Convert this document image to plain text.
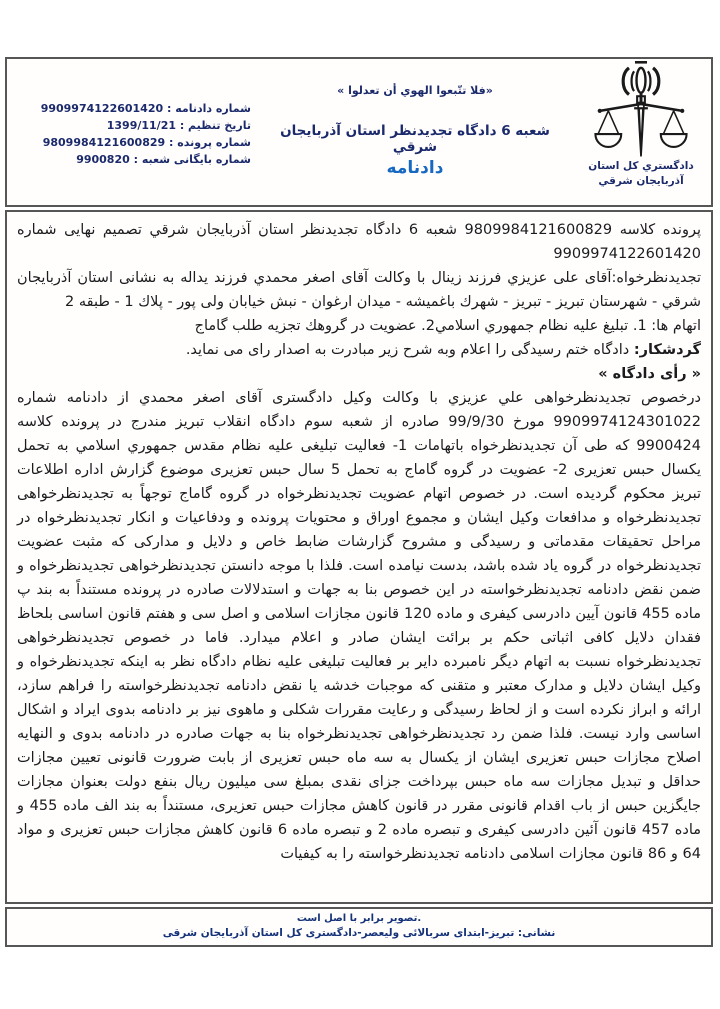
دادگستري کل استان آذربایجان شرقي
«فلا تتّبعوا الهوي أن تعدلوا »
شعبه 6 دادگاه تجدیدنظر استان آذربایجان شرقي
دادنامه
شماره دادنامه : 9909974122601420
تاریخ تنظیم : 1399/11/21
شماره پرونده : 9809984121600829
شماره بایگانی شعبه : 9900820

پرونده کلاسه 9809984121600829 شعبه 6 دادگاه تجدیدنظر استان آذربایجان شرقي تصمیم نهایی شماره 9909974122601420

تجدیدنظرخواه:آقای علی عزیزي فرزند زینال با وکالت آقای اصغر محمدي فرزند یداله به نشانی استان آذربایجان شرقي - شهرستان تبریز - تبریز - شهرك باغمیشه - میدان ارغوان - نبش خیابان ولی پور - پلاك 1 - طبقه 2

اتهام ها: 1. تبلیغ علیه نظام جمهوري اسلامي2. عضویت در گروهك تجزیه طلب گاماج

گردشکار: دادگاه ختم رسیدگی را اعلام وبه شرح زیر مبادرت به اصدار رای می نماید.

« رأی دادگاه »

درخصوص تجدیدنظرخواهی علي عزیزي با وکالت وکیل دادگستری آقای اصغر محمدي از دادنامه شماره 9909974124301022 مورخ 99/9/30 صادره از شعبه سوم دادگاه انقلاب تبریز مندرج در پرونده کلاسه 9900424 که طی آن تجدیدنظرخواه باتهامات 1- فعالیت تبلیغی علیه نظام مقدس جمهوري اسلامي به تحمل یکسال حبس تعزیری 2- عضویت در گروه گاماج به تحمل 5 سال حبس تعزیری موضوع گزارش اداره اطلاعات تبریز محکوم گردیده است. در خصوص اتهام عضویت تجدیدنظرخواه در گروه گاماج توجهاً به تجدیدنظرخواهی تجدیدنظرخواه و مدافعات وکیل ایشان و مجموع اوراق و محتویات پرونده و ودفاعیات و انکار تجدیدنظرخواه در مراحل تحقیقات مقدماتی و رسیدگی و مشروح گزارشات ضابط خاص و دلایل و مدارکی که مثبت عضویت تجدیدنظرخواه در گروه یاد شده باشد، بدست نیامده است. فلذا با موجه دانستن تجدیدنظرخواهی تجدیدنظرخواه و ضمن نقض دادنامه تجدیدنظرخواسته در این خصوص بنا به جهات و استدلالات صادره در پرونده مستنداً به بند پ ماده 455 قانون آیین دادرسی کیفری و ماده 120 قانون مجازات اسلامی و اصل سی و هفتم قانون اساسی بلحاظ فقدان دلایل کافی اثباتی حکم بر برائت ایشان صادر و اعلام میدارد. فاما در خصوص تجدیدنظرخواهی تجدیدنظرخواه نسبت به اتهام دیگر نامبرده دایر بر فعالیت تبلیغی علیه نظام دادگاه نظر به اینکه تجدیدنظرخواه و وکیل ایشان دلایل و مدارک معتبر و متقنی که موجبات خدشه یا نقض دادنامه تجدیدنظرخواسته را فراهم سازد، ارائه و ابراز نکرده است و از لحاظ رسیدگی و رعایت مقررات شکلی و ماهوی نیز بر دادنامه بدوی ایراد و اشکال اساسی وارد نیست. فلذا ضمن رد تجدیدنظرخواهی تجدیدنظرخواه بنا به جهات صادره در دادنامه بدوی و النهایه اصلاح مجازات حبس تعزیری ایشان از یکسال به سه ماه حبس تعزیری از بابت ضرورت قانونی تعیین مجازات حداقل و تبدیل مجازات سه ماه حبس بپرداخت جزای نقدی بمبلغ سی میلیون ریال بنفع دولت بعنوان مجازات جایگزین حبس از باب اقدام قانونی مقرر در قانون کاهش مجازات حبس تعزیری، مستنداً به بند الف ماده 455 و ماده 457 قانون آئین دادرسی کیفری و تبصره ماده 2 و تبصره ماده 6 قانون کاهش مجازات حبس تعزیری و مواد 64 و 86 قانون مجازات اسلامی دادنامه تجدیدنظرخواسته را به کیفیات

تصویر برابر با اصل است.
نشانی: تبریز-ابتدای سربالائی ولیعصر-دادگستری کل استان آذربایجان شرقی
